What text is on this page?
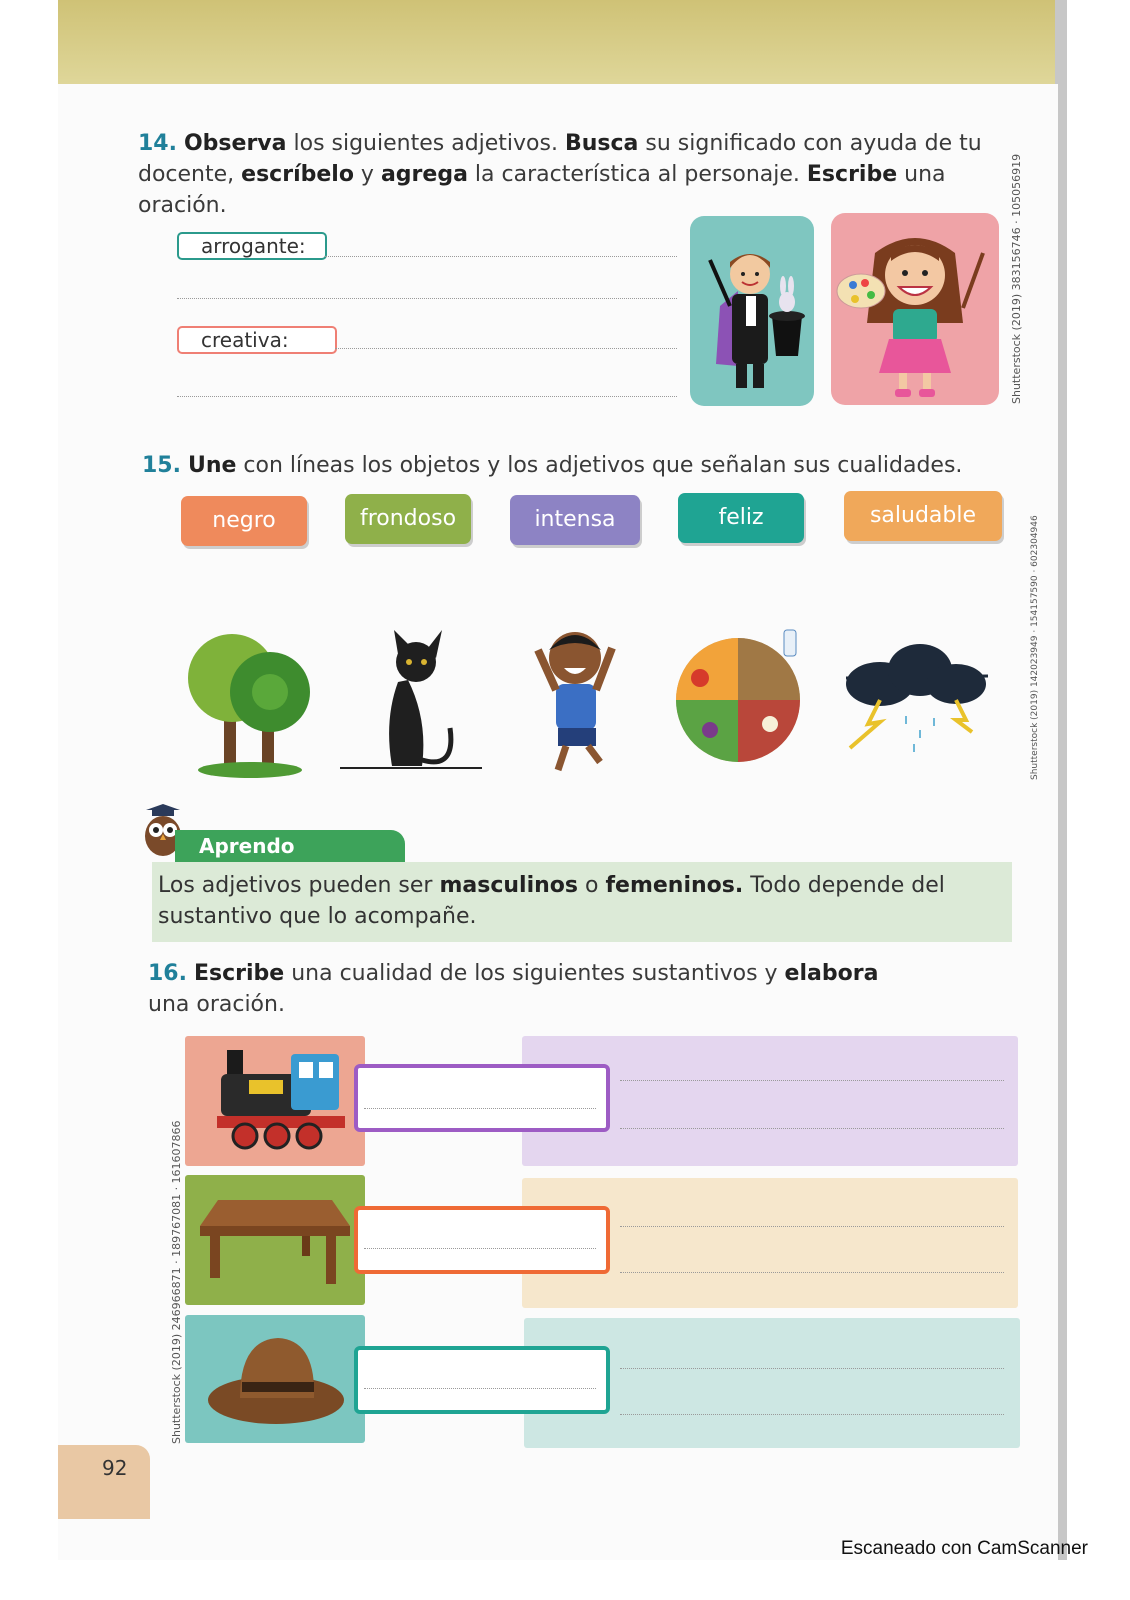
14. Observa los siguientes adjetivos. Busca su significado con ayuda de tu docente, escríbelo y agrega la característica al personaje. Escribe una oración.
arrogante:
creativa:	Shutterstock (2019) 383156746 · 105056919
15. Une con líneas los objetos y los adjetivos que señalan sus cualidades.
negro	frondoso	intensa	feliz	saludable	Shutterstock (2019) 142023949 · 154157590 · 602304946
Aprendo
Los adjetivos pueden ser masculinos o femeninos. Todo depende del sustantivo que lo acompañe.
16. Escribe una cualidad de los siguientes sustantivos y elabora una oración.
Shutterstock (2019) 246966871 · 189767081 · 161607866
92
Escaneado con CamScanner
